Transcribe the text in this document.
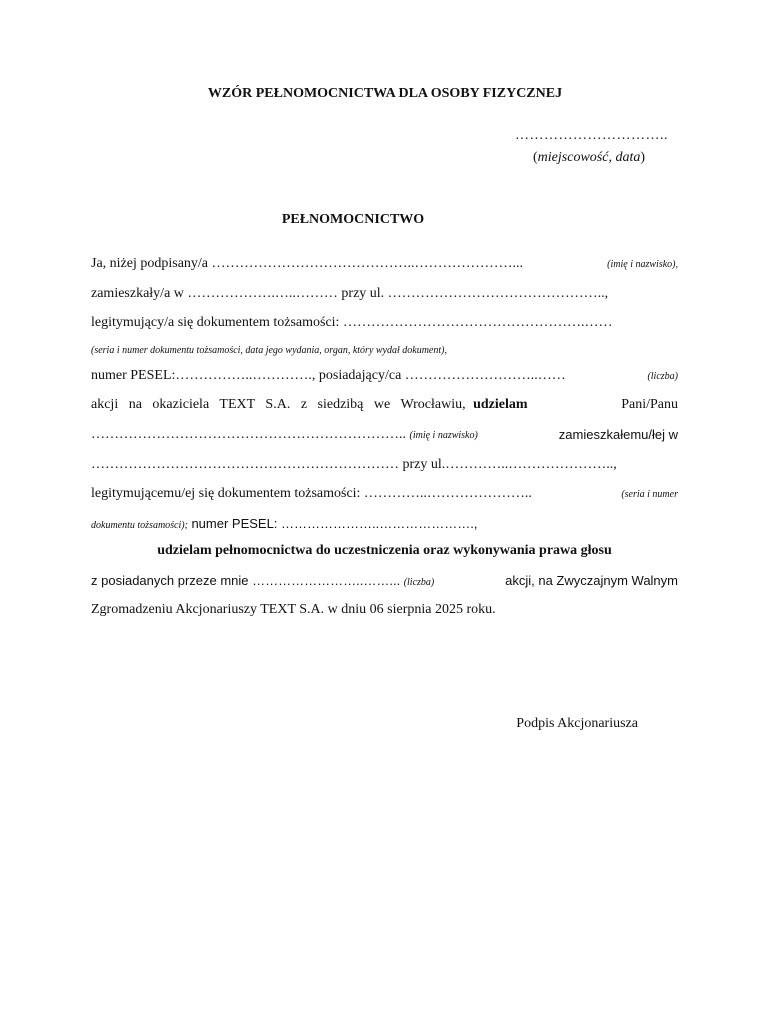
WZÓR PEŁNOMOCNICTWA DLA OSOBY FIZYCZNEJ
…………………………..
(miejscowość, data)
PEŁNOMOCNICTWO
Ja, niżej podpisany/a ……………………………………..…………………...	(imię i nazwisko),
zamieszkały/a w ……………….…..……… przy ul. ………………………………………..,
legitymujący/a się dokumentem tożsamości: …………………………………………….……
(seria i numer dokumentu tożsamości, data jego wydania, organ, który wydał dokument),
numer PESEL:……………..…………., posiadający/ca ………………………..……	(liczba)
akcji na okaziciela TEXT S.A. z siedzibą we Wrocławiu, udzielam	Pani/Panu
………………………………………………………….. (imię i nazwisko)	zamieszkałemu/łej w
………………………………………………………… przy ul.…………..…………………..,
legitymującemu/ej się dokumentem tożsamości: …………..…………………..	(seria i numer
dokumentu tożsamości); numer PESEL: …………………..………………….,
udzielam pełnomocnictwa do uczestniczenia oraz wykonywania prawa głosu
z posiadanych przeze mnie ……………………..……... (liczba)	akcji, na Zwyczajnym Walnym
Zgromadzeniu Akcjonariuszy TEXT S.A. w dniu 06 sierpnia 2025 roku.
Podpis Akcjonariusza
